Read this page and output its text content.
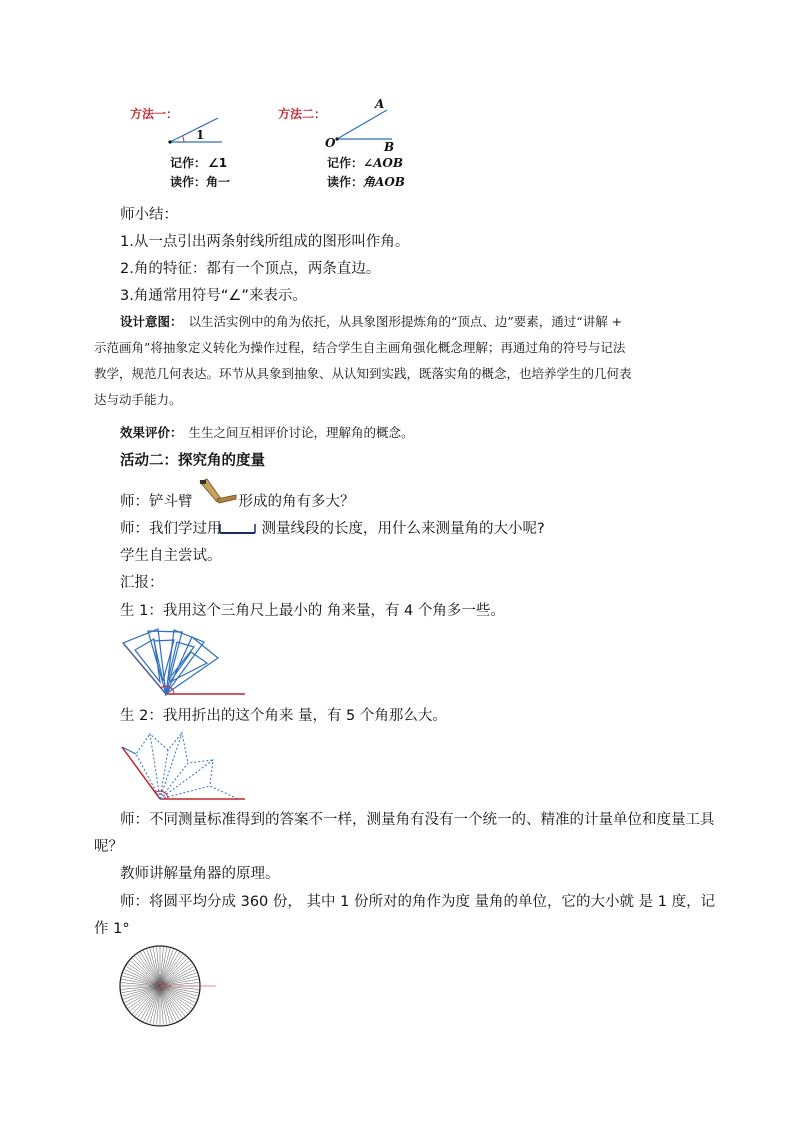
方法一：
1
记作： ∠1
读作：角一
方法二：
A
O	B
记作：∠AOB
读作：角AOB
师小结：
1.从一点引出两条射线所组成的图形叫作角。
2.角的特征：都有一个顶点，两条直边。
3.角通常用符号“∠”来表示。
设计意图： 以生活实例中的角为依托，从具象图形提炼角的“顶点、边”要素，通过“讲解 +
示范画角”将抽象定义转化为操作过程，结合学生自主画角强化概念理解；再通过角的符号与记法
教学，规范几何表达。环节从具象到抽象、从认知到实践，既落实角的概念，也培养学生的几何表
达与动手能力。
效果评价： 生生之间互相评价讨论，理解角的概念。
活动二：探究角的度量
师：铲斗臂	形成的角有多大？
师：我们学过用	测量线段的长度，用什么来测量角的大小呢?
学生自主尝试。
汇报：
生 1：我用这个三角尺上最小的 角来量，有 4 个角多一些。
生 2：我用折出的这个角来 量，有 5 个角那么大。
师：不同测量标准得到的答案不一样，测量角有没有一个统一的、精准的计量单位和度量工具
呢？
教师讲解量角器的原理。
师：将圆平均分成 360 份， 其中 1 份所对的角作为度 量角的单位，它的大小就 是 1 度，记
作 1°
